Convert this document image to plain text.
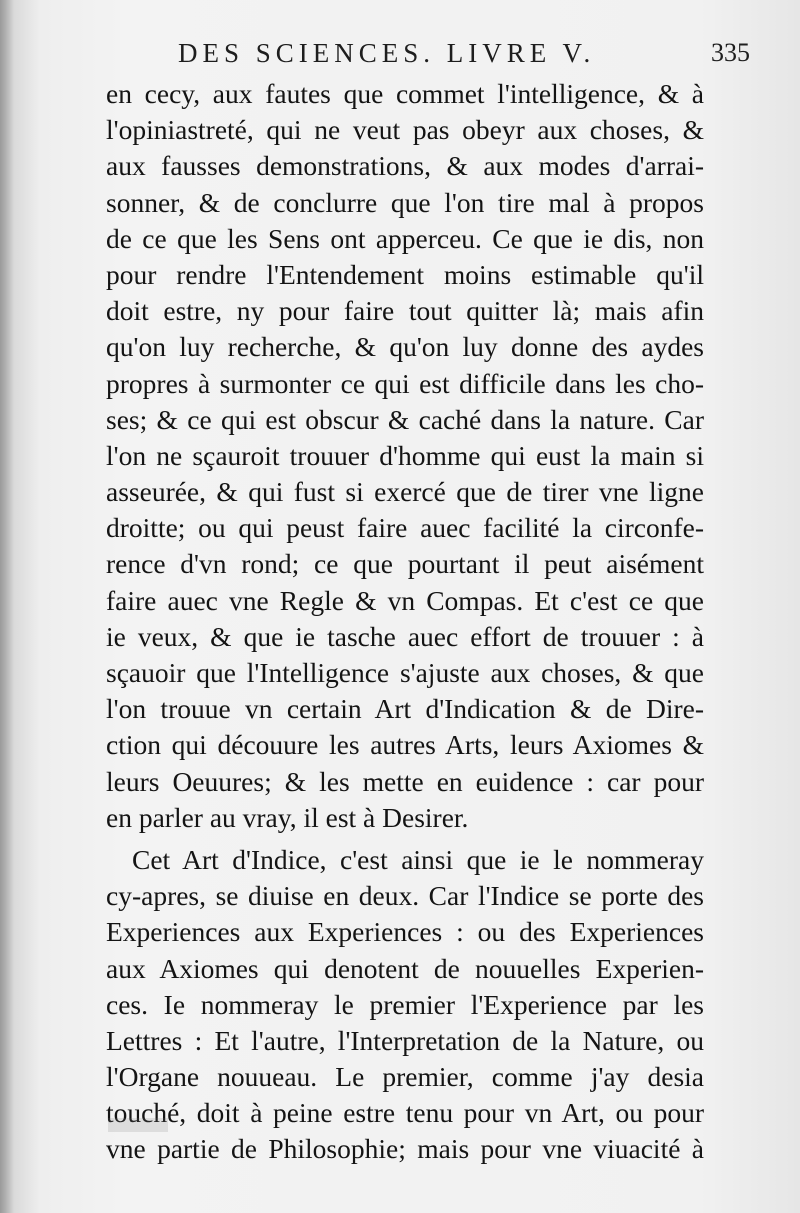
DES SCIENCES. LIVRE V.	335
en cecy, aux fautes que commet l'intelligence, & à
l'opiniastreté, qui ne veut pas obeyr aux choses, &
aux fausses demonstrations, & aux modes d'arrai-
sonner, & de conclurre que l'on tire mal à propos
de ce que les Sens ont apperceu. Ce que ie dis, non
pour rendre l'Entendement moins estimable qu'il
doit estre, ny pour faire tout quitter là; mais afin
qu'on luy recherche, & qu'on luy donne des aydes
propres à surmonter ce qui est difficile dans les cho-
ses; & ce qui est obscur & caché dans la nature. Car
l'on ne sçauroit trouuer d'homme qui eust la main si
asseurée, & qui fust si exercé que de tirer vne ligne
droitte; ou qui peust faire auec facilité la circonfe-
rence d'vn rond; ce que pourtant il peut aisément
faire auec vne Regle & vn Compas. Et c'est ce que
ie veux, & que ie tasche auec effort de trouuer : à
sçauoir que l'Intelligence s'ajuste aux choses, & que
l'on trouue vn certain Art d'Indication & de Dire-
ction qui découure les autres Arts, leurs Axiomes &
leurs Oeuures; & les mette en euidence : car pour
en parler au vray, il est à Desirer.
Cet Art d'Indice, c'est ainsi que ie le nommeray
cy-apres, se diuise en deux. Car l'Indice se porte des
Experiences aux Experiences : ou des Experiences
aux Axiomes qui denotent de nouuelles Experien-
ces. Ie nommeray le premier l'Experience par les
Lettres : Et l'autre, l'Interpretation de la Nature, ou
l'Organe nouueau. Le premier, comme j'ay desia
touché, doit à peine estre tenu pour vn Art, ou pour
vne partie de Philosophie; mais pour vne viuacité à
